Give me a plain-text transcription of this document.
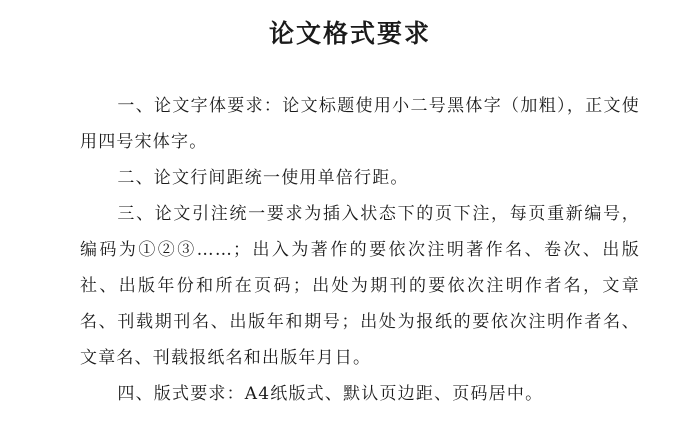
论文格式要求

一、论文字体要求：论文标题使用小二号黑体字（加粗），正文使用四号宋体字。

二、论文行间距统一使用单倍行距。

三、论文引注统一要求为插入状态下的页下注，每页重新编号，编码为①②③……；出入为著作的要依次注明著作名、卷次、出版社、出版年份和所在页码；出处为期刊的要依次注明作者名，文章名、刊载期刊名、出版年和期号；出处为报纸的要依次注明作者名、文章名、刊载报纸名和出版年月日。

四、版式要求：A4纸版式、默认页边距、页码居中。
